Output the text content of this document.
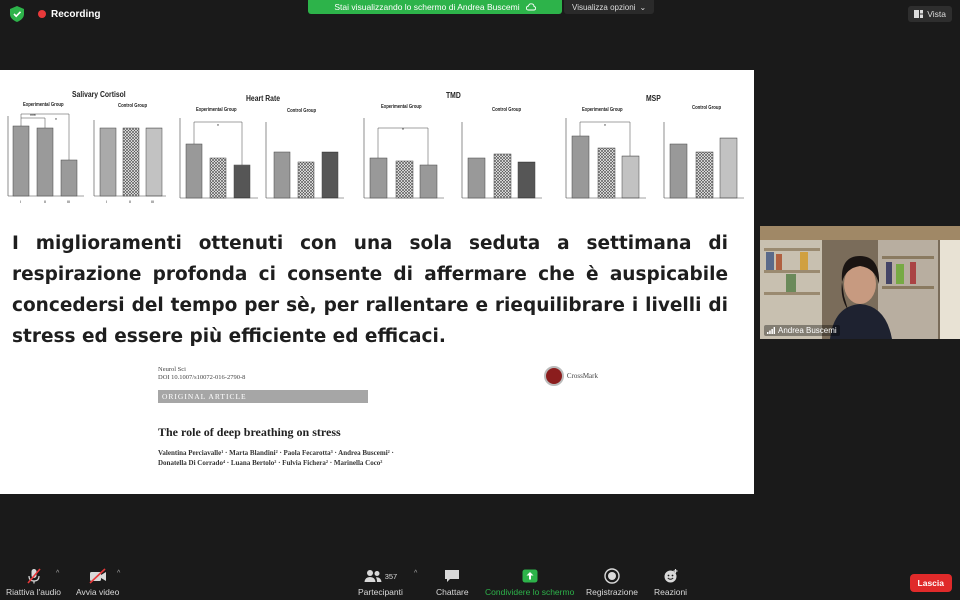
Recording
Stai visualizzando lo schermo di Andrea Buscemi	Visualizza opzioni ⌄
Vista
Salivary Cortisol
Experimental Group	Control Group
***
*
I	II	III	I	II	III
Heart Rate
Experimental Group	Control Group
*
TMD
Experimental Group	Control Group
*
MSP
Experimental Group	Control Group
*
I miglioramenti ottenuti con una sola seduta a settimana di respirazione profonda ci consente di affermare che è auspicabile concedersi del tempo per sè, per rallentare e riequilibrare i livelli di stress ed essere più efficiente ed efficaci.
Neurol Sci
DOI 10.1007/s10072-016-2790-8	CrossMark
ORIGINAL ARTICLE
The role of deep breathing on stress
Valentina Perciavalle¹ · Marta Blandini² · Paola Fecarotta³ · Andrea Buscemi² ·
Donatella Di Corrado⁴ · Luana Bertolo² · Fulvia Fichera² · Marinella Coco²
Andrea Buscemi
Riattiva l'audio
^
Avvia video
^	357
Partecipanti
^
Chattare Condividere lo schermo Registrazione Reazioni
Lascia
